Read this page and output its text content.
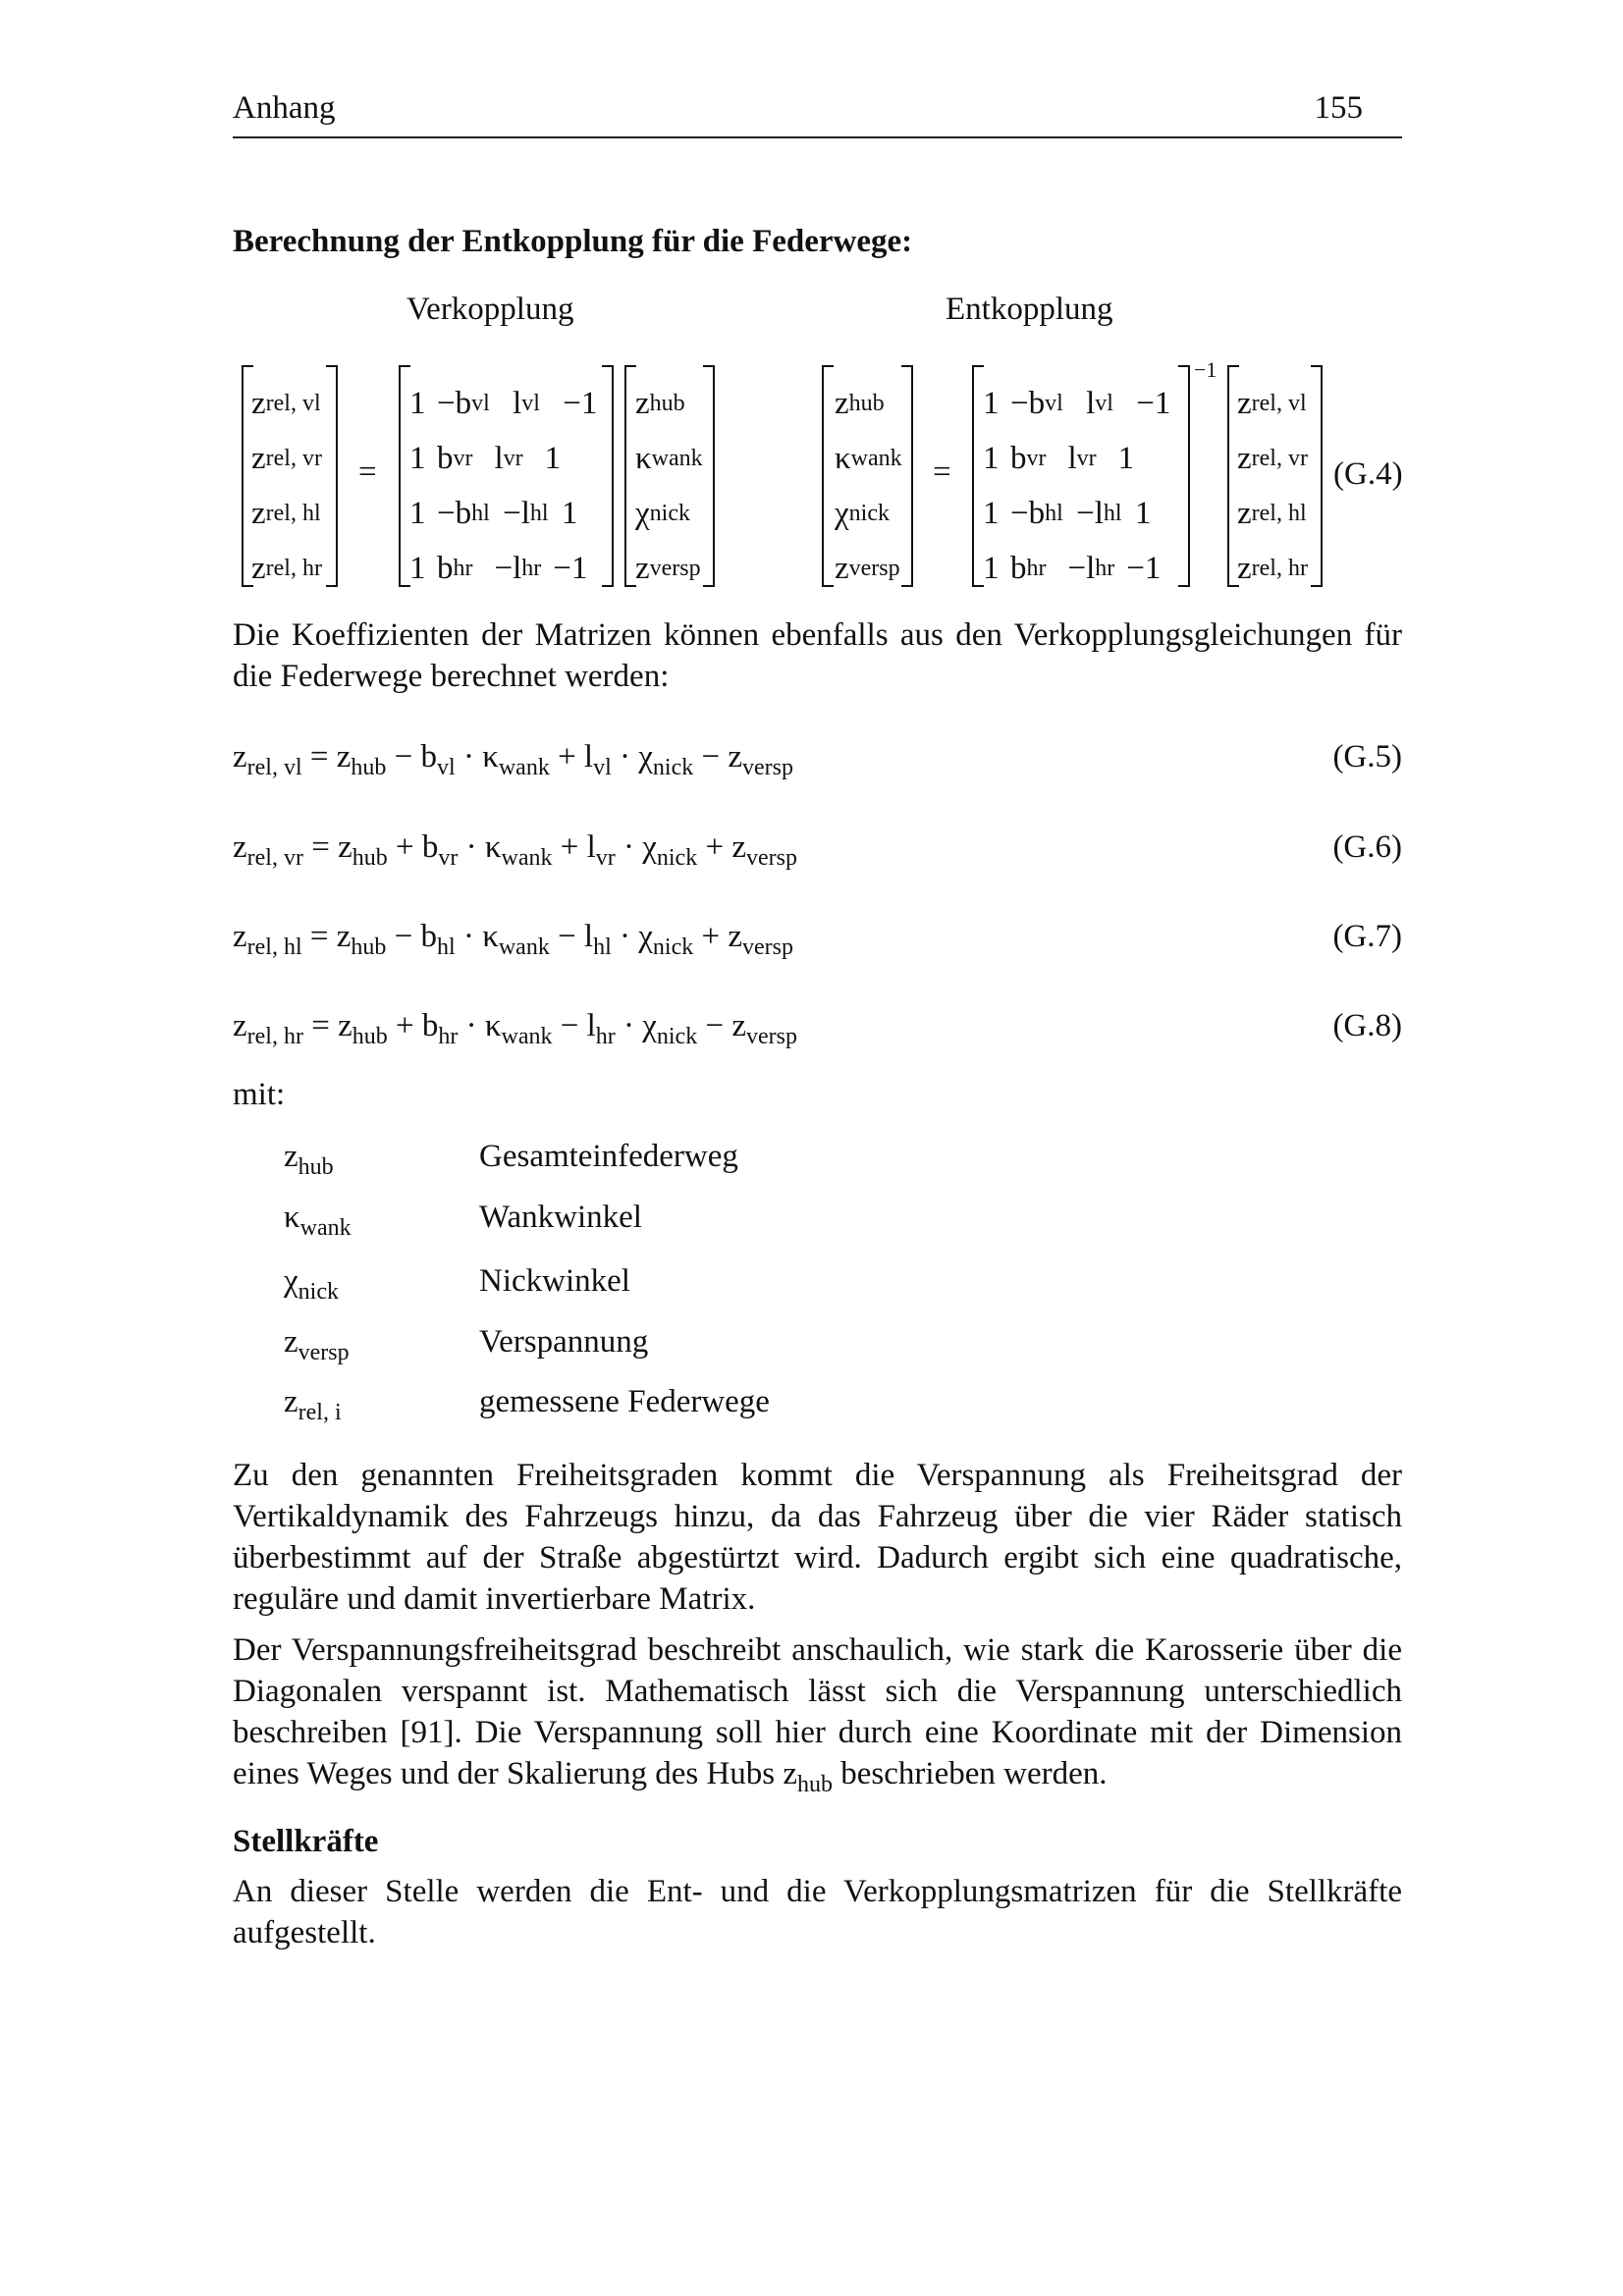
Anhang	155
Berechnung der Entkopplung für die Federwege:
Verkopplung	Entkopplung
z rel, vl
z rel, vr
z rel, hl
z rel, hr
=
1 −b vl l vl −1
1 b vr l vr 1
1 −b hl −l hl 1
1 b hr −l hr −1
z hub
κ wank
χ nick
z versp
z hub
κ wank
χ nick
z versp
=
1 −b vl l vl −1
1 b vr l vr 1
1 −b hl −l hl 1
1 b hr −l hr −1
−1
z rel, vl
z rel, vr
z rel, hl
z rel, hr
(G.4)
Die Koeffizienten der Matrizen können ebenfalls aus den Verkopplungsgleichungen für die Federwege berechnet werden:
$z_{rel, vl} = z_{hub} - b_{vl} \cdot \kappa_{wank} + l_{vl} \cdot \chi_{nick} - z_{versp}$	(G.5)
$z_{rel, vr} = z_{hub} + b_{vr} \cdot \kappa_{wank} + l_{vr} \cdot \chi_{nick} + z_{versp}$	(G.6)
$z_{rel, hl} = z_{hub} - b_{hl} \cdot \kappa_{wank} - l_{hl} \cdot \chi_{nick} + z_{versp}$	(G.7)
$z_{rel, hr} = z_{hub} + b_{hr} \cdot \kappa_{wank} - l_{hr} \cdot \chi_{nick} - z_{versp}$	(G.8)
mit:
$z_{hub}$	Gesamteinfederweg
$\kappa_{wank}$	Wankwinkel
$\chi_{nick}$	Nickwinkel
$z_{versp}$	Verspannung
$z_{rel, i}$	gemessene Federwege
Zu den genannten Freiheitsgraden kommt die Verspannung als Freiheitsgrad der Vertikaldynamik des Fahrzeugs hinzu, da das Fahrzeug über die vier Räder statisch überbestimmt auf der Straße abgestürtzt wird. Dadurch ergibt sich eine quadratische, reguläre und damit invertierbare Matrix.
Der Verspannungsfreiheitsgrad beschreibt anschaulich, wie stark die Karosserie über die Diagonalen verspannt ist. Mathematisch lässt sich die Verspannung unterschiedlich beschreiben [91]. Die Verspannung soll hier durch eine Koordinate mit der Dimension eines Weges und der Skalierung des Hubs $z_{hub}$ beschrieben werden.
Stellkräfte
An dieser Stelle werden die Ent- und die Verkopplungsmatrizen für die Stellkräfte aufgestellt.
